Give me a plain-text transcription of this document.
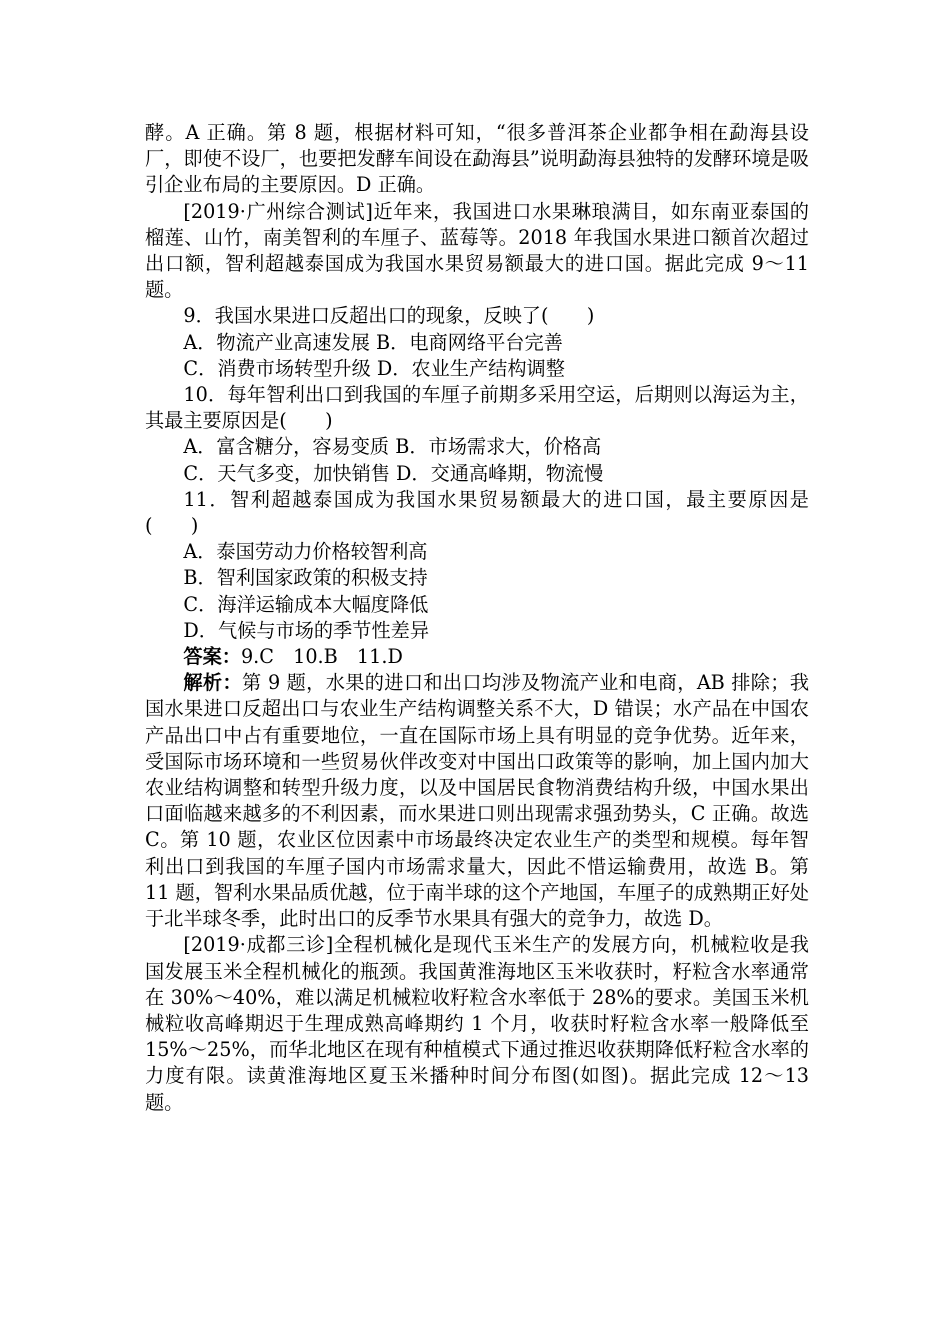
酵。A 正确。第 8 题，根据材料可知，“很多普洱茶企业都争相在勐海县设厂，即使不设厂，也要把发酵车间设在勐海县”说明勐海县独特的发酵环境是吸引企业布局的主要原因。D 正确。

[2019·广州综合测试]近年来，我国进口水果琳琅满目，如东南亚泰国的榴莲、山竹，南美智利的车厘子、蓝莓等。2018 年我国水果进口额首次超过出口额，智利超越泰国成为我国水果贸易额最大的进口国。据此完成 9～11 题。

9．我国水果进口反超出口的现象，反映了(　　)

A．物流产业高速发展 B．电商网络平台完善

C．消费市场转型升级 D．农业生产结构调整

10．每年智利出口到我国的车厘子前期多采用空运，后期则以海运为主，其最主要原因是(　　)

A．富含糖分，容易变质 B．市场需求大，价格高

C．天气多变，加快销售 D．交通高峰期，物流慢

11．智利超越泰国成为我国水果贸易额最大的进口国，最主要原因是(　　)

A．泰国劳动力价格较智利高

B．智利国家政策的积极支持

C．海洋运输成本大幅度降低

D．气候与市场的季节性差异

答案：9.C　10.B　11.D

解析：第 9 题，水果的进口和出口均涉及物流产业和电商，AB 排除；我国水果进口反超出口与农业生产结构调整关系不大，D 错误；水产品在中国农产品出口中占有重要地位，一直在国际市场上具有明显的竞争优势。近年来，受国际市场环境和一些贸易伙伴改变对中国出口政策等的影响，加上国内加大农业结构调整和转型升级力度，以及中国居民食物消费结构升级，中国水果出口面临越来越多的不利因素，而水果进口则出现需求强劲势头，C 正确。故选 C。第 10 题，农业区位因素中市场最终决定农业生产的类型和规模。每年智利出口到我国的车厘子国内市场需求量大，因此不惜运输费用，故选 B。第 11 题，智利水果品质优越，位于南半球的这个产地国，车厘子的成熟期正好处于北半球冬季，此时出口的反季节水果具有强大的竞争力，故选 D。

[2019·成都三诊]全程机械化是现代玉米生产的发展方向，机械粒收是我国发展玉米全程机械化的瓶颈。我国黄淮海地区玉米收获时，籽粒含水率通常在 30%～40%，难以满足机械粒收籽粒含水率低于 28%的要求。美国玉米机械粒收高峰期迟于生理成熟高峰期约 1 个月，收获时籽粒含水率一般降低至 15%～25%，而华北地区在现有种植模式下通过推迟收获期降低籽粒含水率的力度有限。读黄淮海地区夏玉米播种时间分布图(如图)。据此完成 12～13 题。
